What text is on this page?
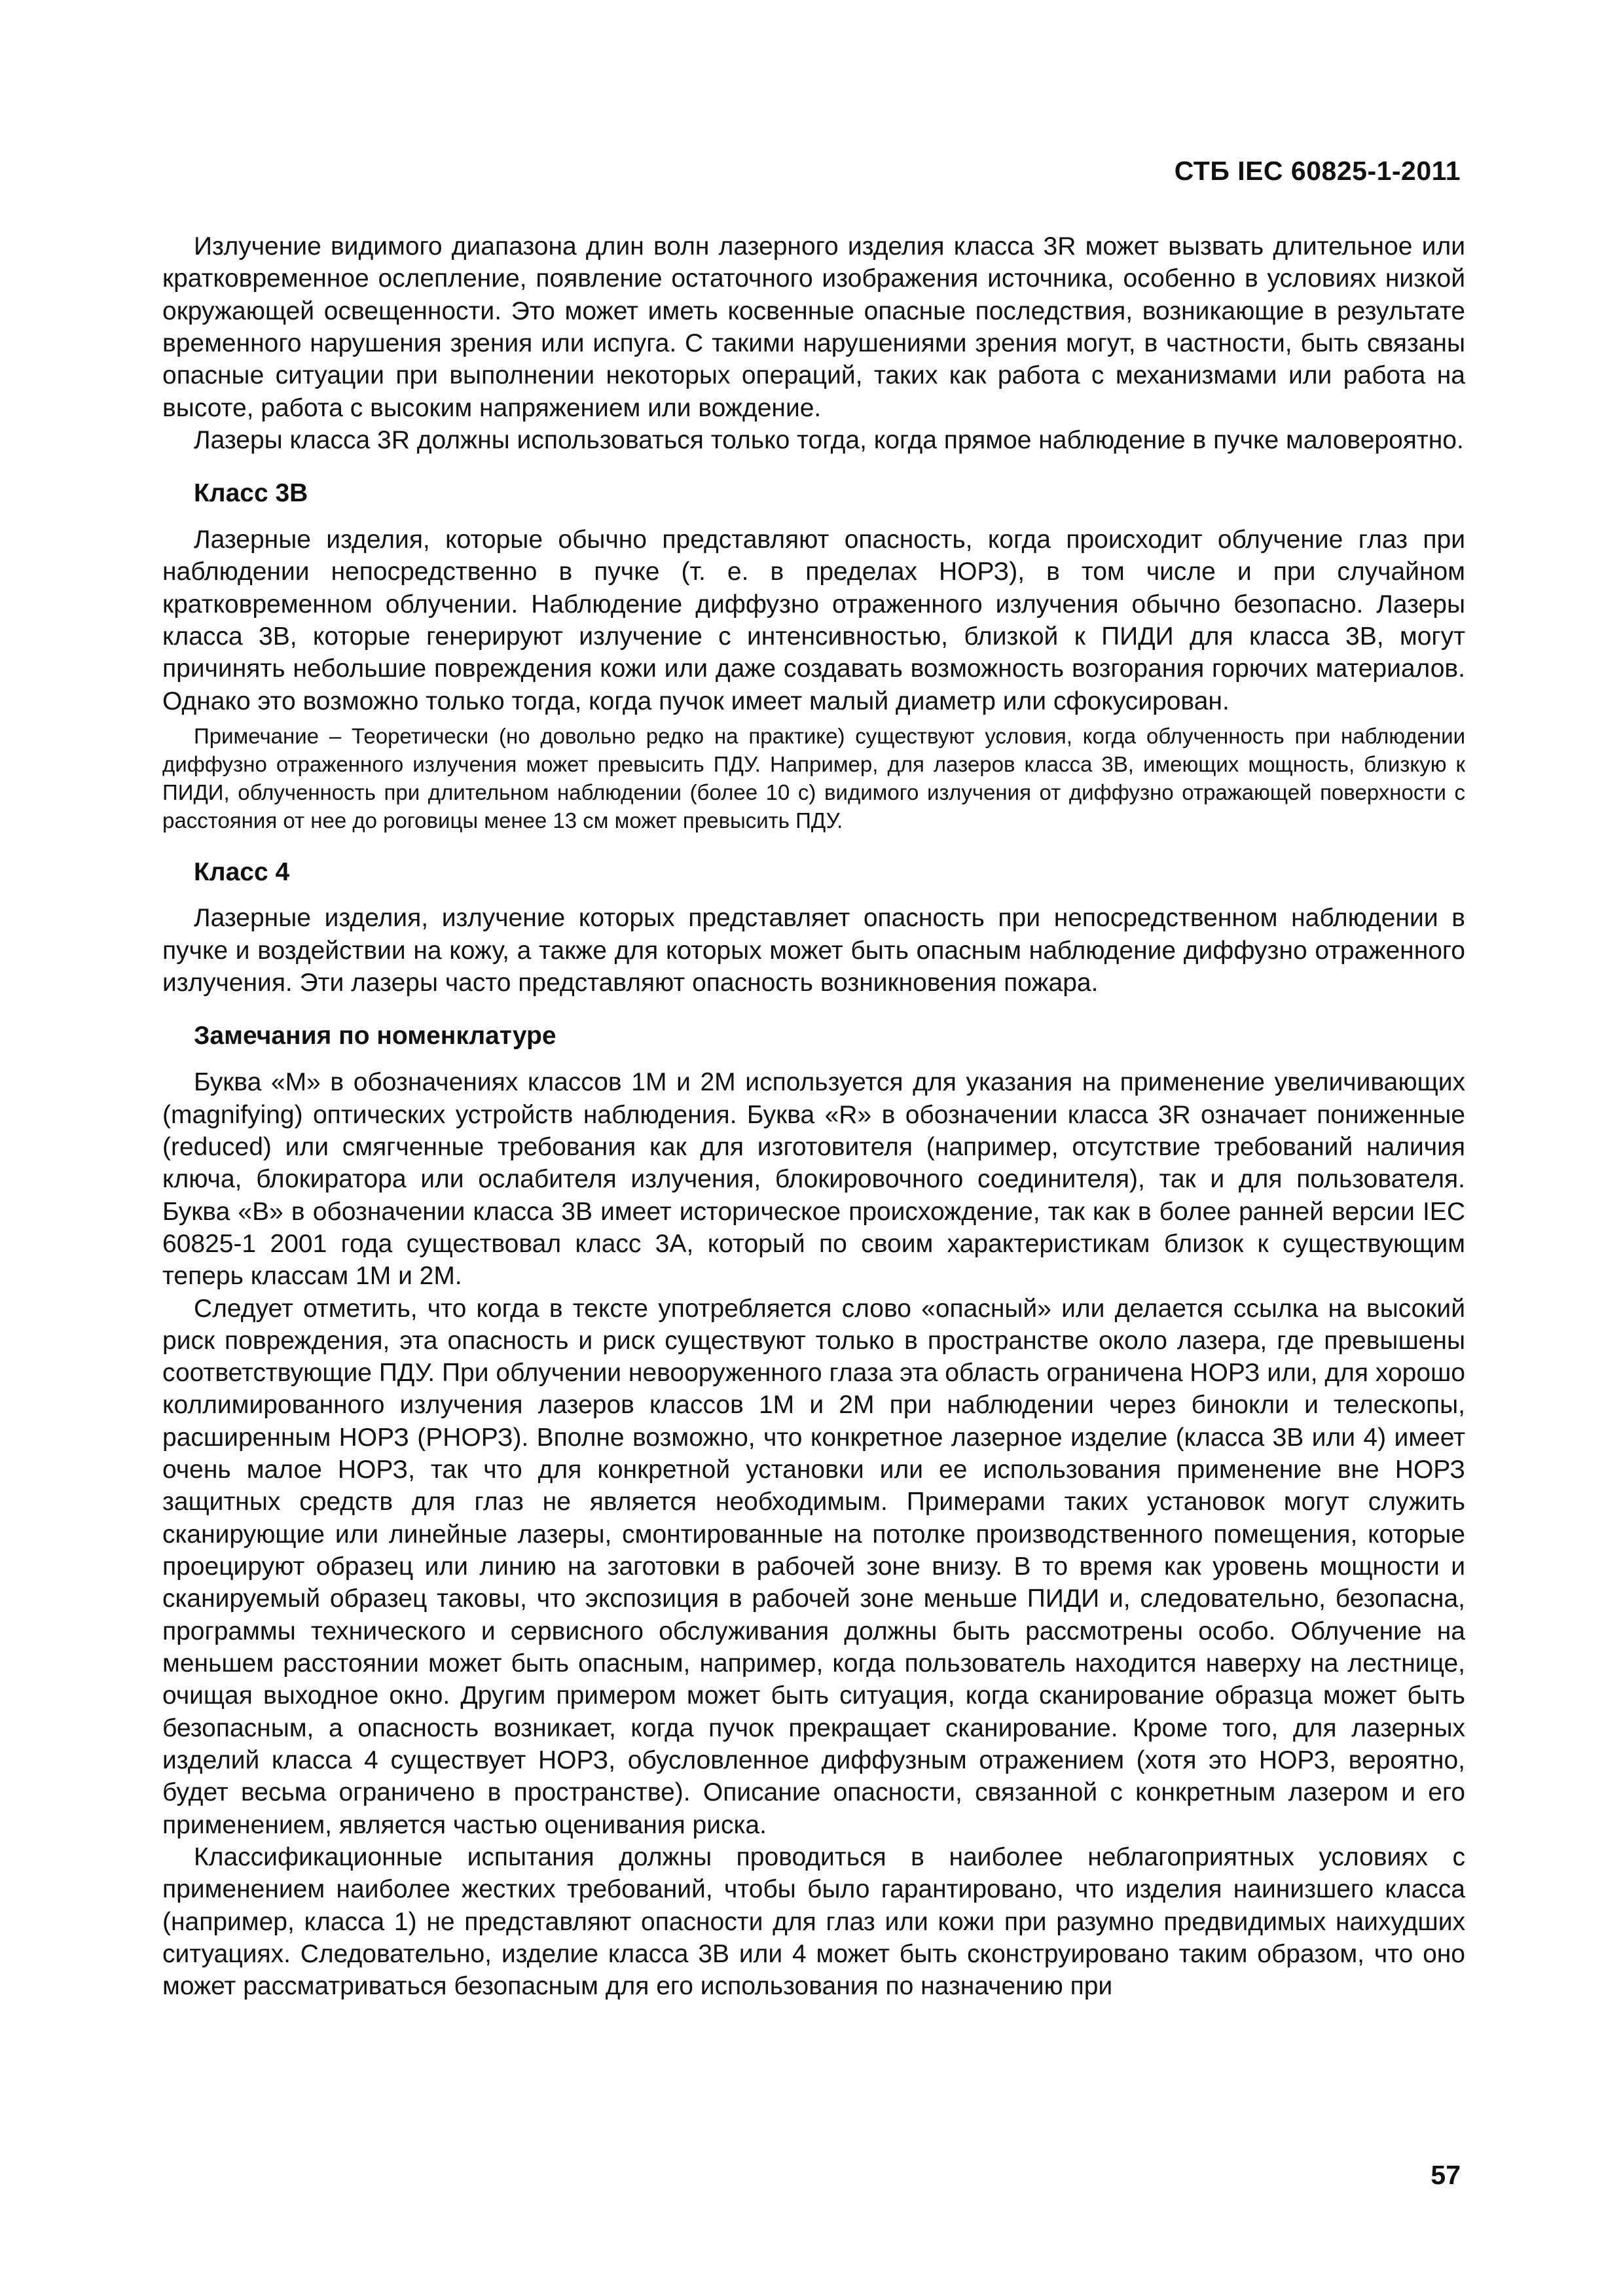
СТБ IEC 60825-1-2011

Излучение видимого диапазона длин волн лазерного изделия класса 3R может вызвать длительное или кратковременное ослепление, появление остаточного изображения источника, особенно в условиях низкой окружающей освещенности. Это может иметь косвенные опасные последствия, возникающие в результате временного нарушения зрения или испуга. С такими нарушениями зрения могут, в частности, быть связаны опасные ситуации при выполнении некоторых операций, таких как работа с механизмами или работа на высоте, работа с высоким напряжением или вождение.

Лазеры класса 3R должны использоваться только тогда, когда прямое наблюдение в пучке маловероятно.

Класс 3В

Лазерные изделия, которые обычно представляют опасность, когда происходит облучение глаз при наблюдении непосредственно в пучке (т. е. в пределах НОРЗ), в том числе и при случайном кратковременном облучении. Наблюдение диффузно отраженного излучения обычно безопасно. Лазеры класса 3В, которые генерируют излучение с интенсивностью, близкой к ПИДИ для класса 3В, могут причинять небольшие повреждения кожи или даже создавать возможность возгорания горючих материалов. Однако это возможно только тогда, когда пучок имеет малый диаметр или сфокусирован.

Примечание – Теоретически (но довольно редко на практике) существуют условия, когда облученность при наблюдении диффузно отраженного излучения может превысить ПДУ. Например, для лазеров класса 3В, имеющих мощность, близкую к ПИДИ, облученность при длительном наблюдении (более 10 с) видимого излучения от диффузно отражающей поверхности с расстояния от нее до роговицы менее 13 см может превысить ПДУ.

Класс 4

Лазерные изделия, излучение которых представляет опасность при непосредственном наблюдении в пучке и воздействии на кожу, а также для которых может быть опасным наблюдение диффузно отраженного излучения. Эти лазеры часто представляют опасность возникновения пожара.

Замечания по номенклатуре

Буква «М» в обозначениях классов 1М и 2М используется для указания на применение увеличивающих (magnifying) оптических устройств наблюдения. Буква «R» в обозначении класса 3R означает пониженные (reduced) или смягченные требования как для изготовителя (например, отсутствие требований наличия ключа, блокиратора или ослабителя излучения, блокировочного соединителя), так и для пользователя. Буква «В» в обозначении класса 3В имеет историческое происхождение, так как в более ранней версии IEC 60825-1 2001 года существовал класс 3А, который по своим характеристикам близок к существующим теперь классам 1М и 2М.

Следует отметить, что когда в тексте употребляется слово «опасный» или делается ссылка на высокий риск повреждения, эта опасность и риск существуют только в пространстве около лазера, где превышены соответствующие ПДУ. При облучении невооруженного глаза эта область ограничена НОРЗ или, для хорошо коллимированного излучения лазеров классов 1М и 2М при наблюдении через бинокли и телескопы, расширенным НОРЗ (РНОРЗ). Вполне возможно, что конкретное лазерное изделие (класса 3В или 4) имеет очень малое НОРЗ, так что для конкретной установки или ее использования применение вне НОРЗ защитных средств для глаз не является необходимым. Примерами таких установок могут служить сканирующие или линейные лазеры, смонтированные на потолке производственного помещения, которые проецируют образец или линию на заготовки в рабочей зоне внизу. В то время как уровень мощности и сканируемый образец таковы, что экспозиция в рабочей зоне меньше ПИДИ и, следовательно, безопасна, программы технического и сервисного обслуживания должны быть рассмотрены особо. Облучение на меньшем расстоянии может быть опасным, например, когда пользователь находится наверху на лестнице, очищая выходное окно. Другим примером может быть ситуация, когда сканирование образца может быть безопасным, а опасность возникает, когда пучок прекращает сканирование. Кроме того, для лазерных изделий класса 4 существует НОРЗ, обусловленное диффузным отражением (хотя это НОРЗ, вероятно, будет весьма ограничено в пространстве). Описание опасности, связанной с конкретным лазером и его применением, является частью оценивания риска.

Классификационные испытания должны проводиться в наиболее неблагоприятных условиях с применением наиболее жестких требований, чтобы было гарантировано, что изделия наинизшего класса (например, класса 1) не представляют опасности для глаз или кожи при разумно предвидимых наихудших ситуациях. Следовательно, изделие класса 3В или 4 может быть сконструировано таким образом, что оно может рассматриваться безопасным для его использования по назначению при

57
